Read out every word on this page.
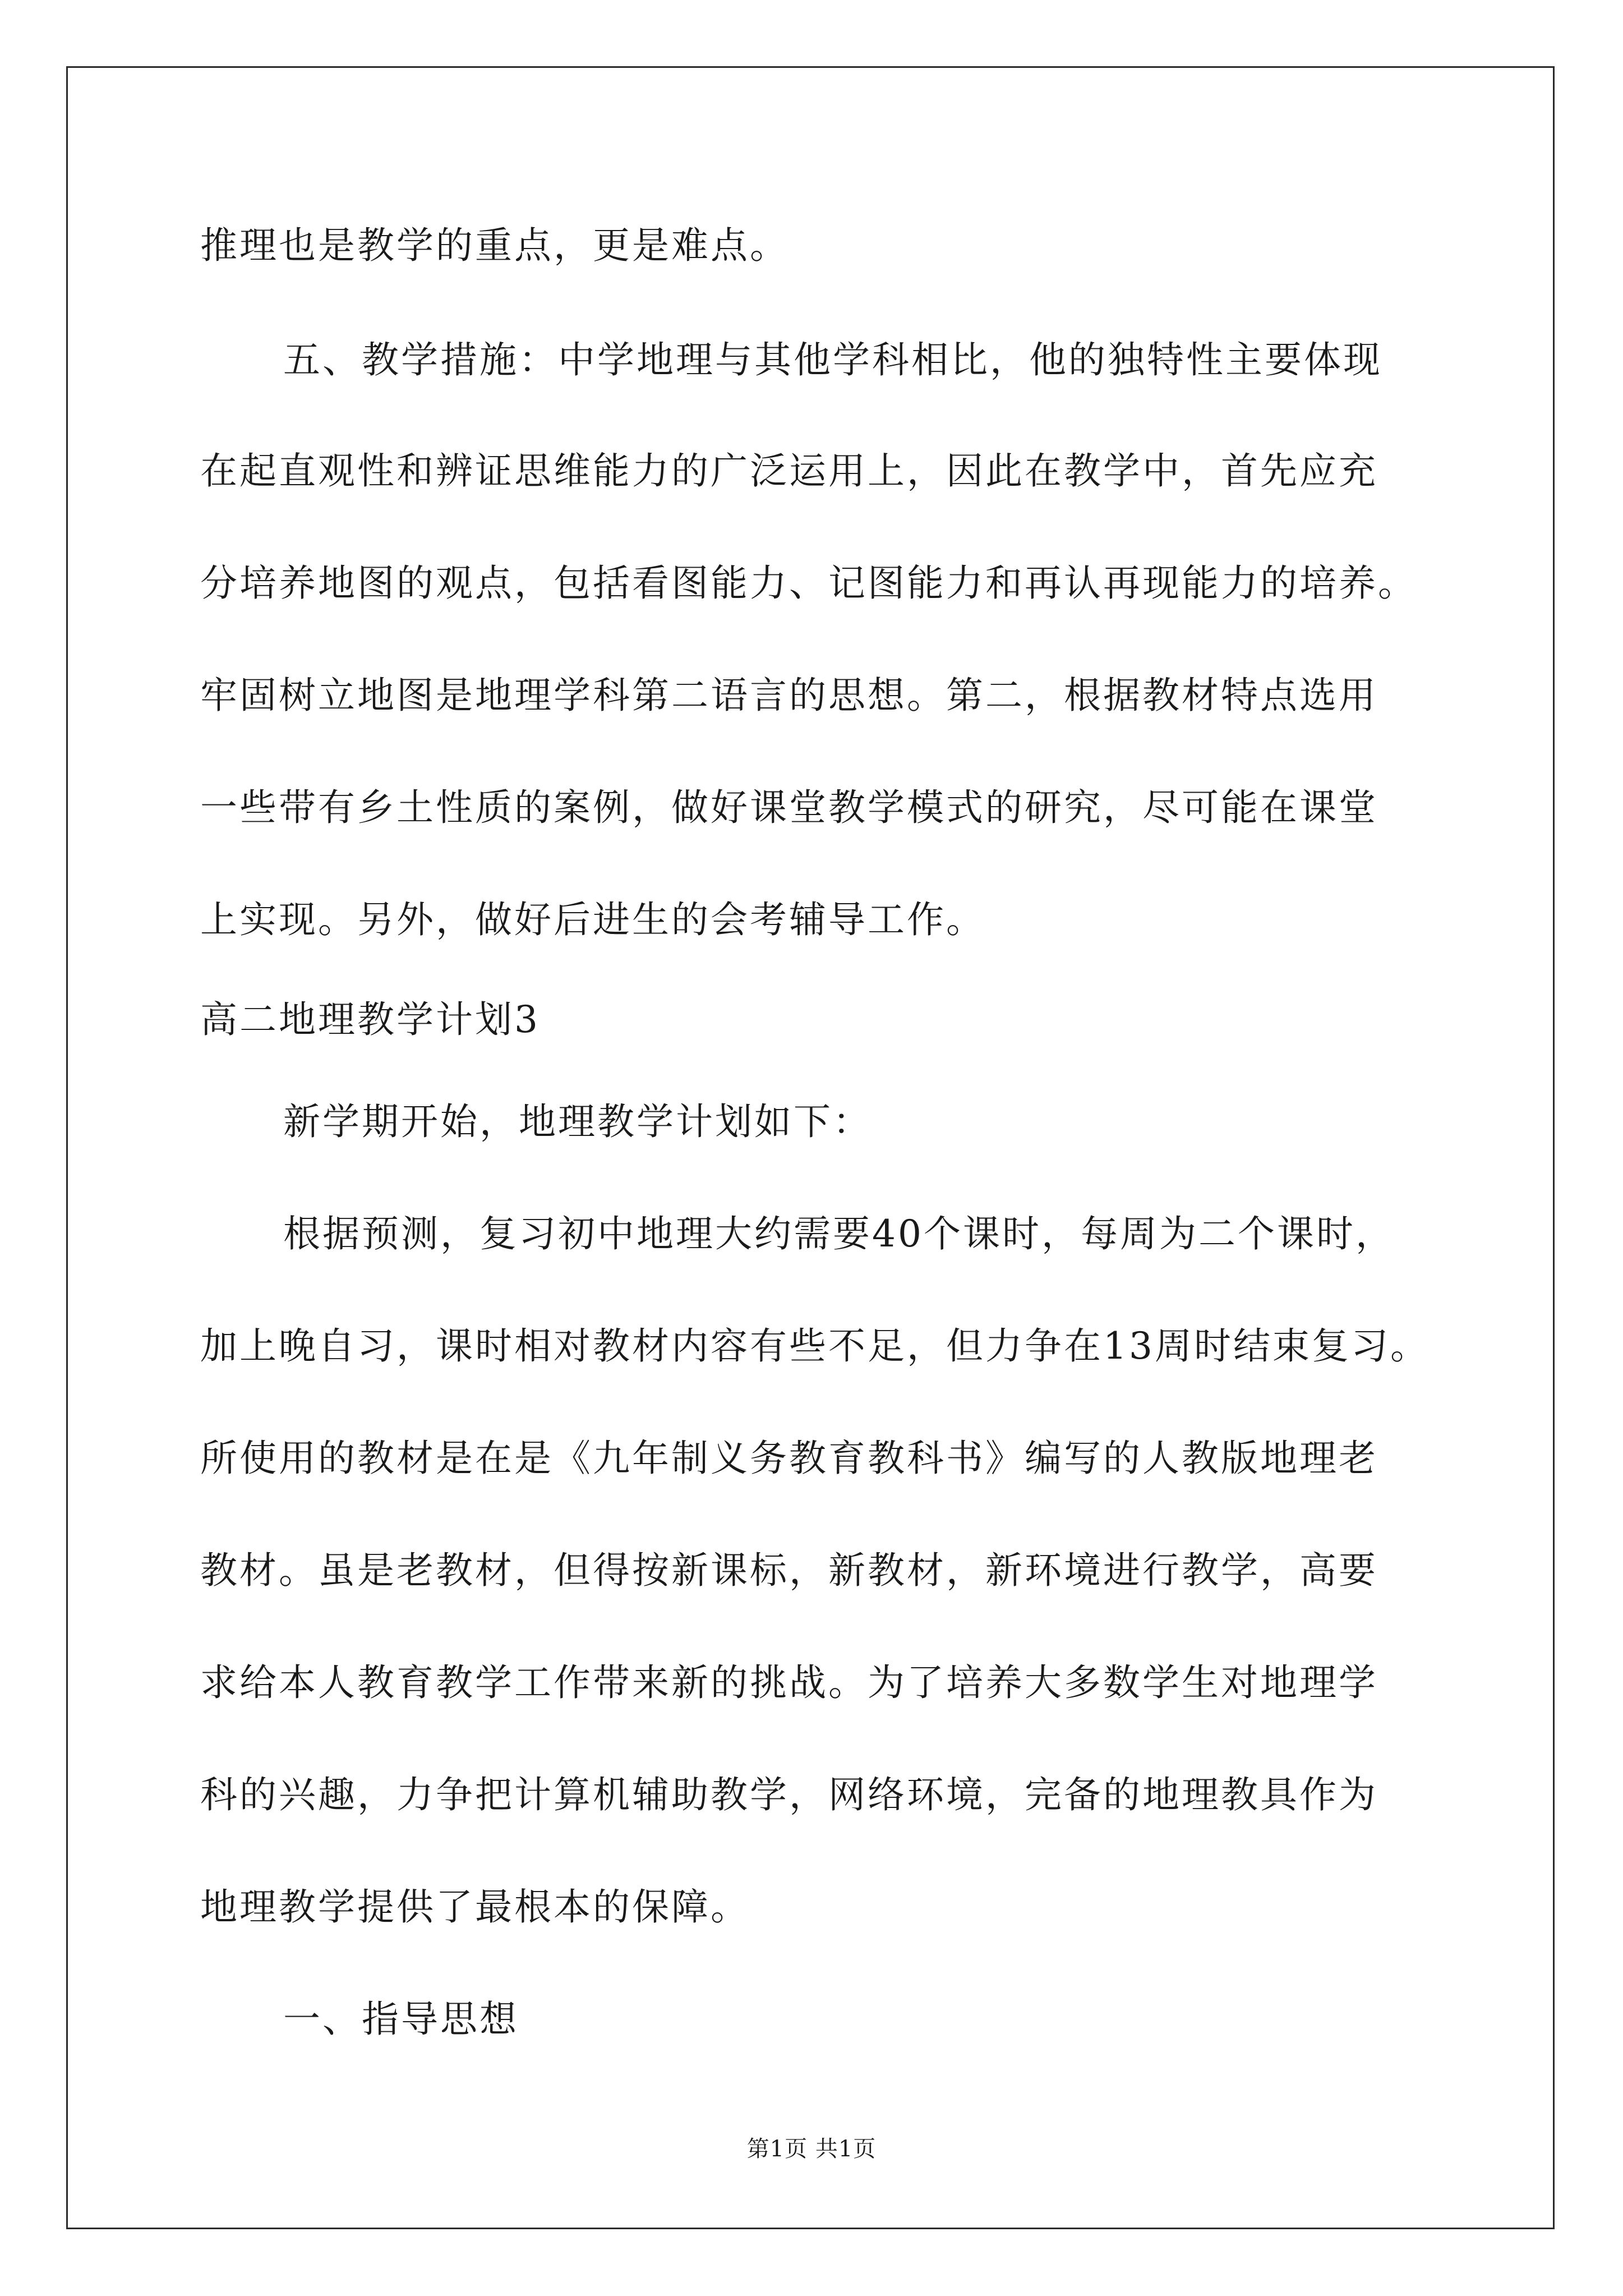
推理也是教学的重点，更是难点。
五、教学措施：中学地理与其他学科相比，他的独特性主要体现
在起直观性和辨证思维能力的广泛运用上，因此在教学中，首先应充
分培养地图的观点，包括看图能力、记图能力和再认再现能力的培养。
牢固树立地图是地理学科第二语言的思想。第二，根据教材特点选用
一些带有乡土性质的案例，做好课堂教学模式的研究，尽可能在课堂
上实现。另外，做好后进生的会考辅导工作。
高二地理教学计划3
新学期开始，地理教学计划如下：
根据预测，复习初中地理大约需要40个课时，每周为二个课时，
加上晚自习，课时相对教材内容有些不足，但力争在13周时结束复习。
所使用的教材是在是《九年制义务教育教科书》编写的人教版地理老
教材。虽是老教材，但得按新课标，新教材，新环境进行教学，高要
求给本人教育教学工作带来新的挑战。为了培养大多数学生对地理学
科的兴趣，力争把计算机辅助教学，网络环境，完备的地理教具作为
地理教学提供了最根本的保障。
一、指导思想
第1页 共1页
